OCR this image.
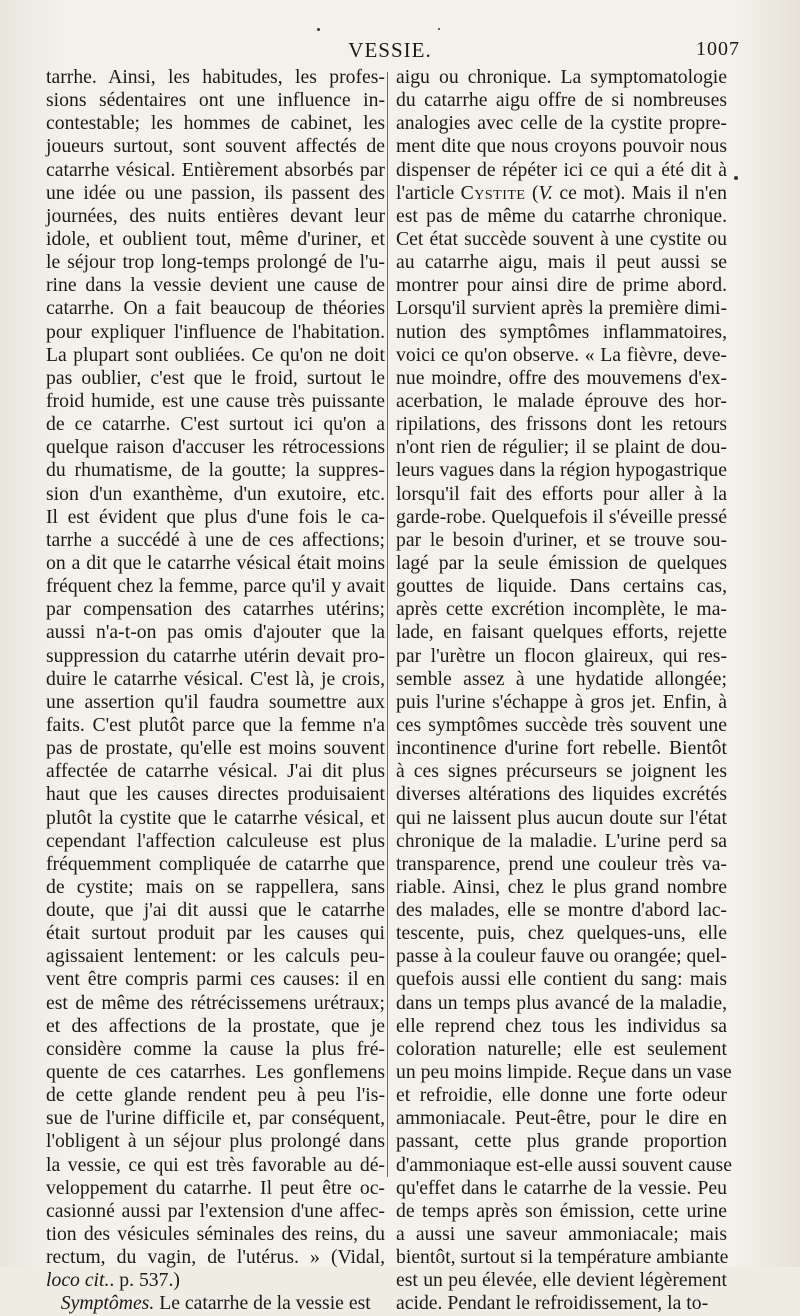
VESSIE.	1007
tarrhe. Ainsi, les habitudes, les profes-
sions sédentaires ont une influence in-
contestable; les hommes de cabinet, les
joueurs surtout, sont souvent affectés de
catarrhe vésical. Entièrement absorbés par
une idée ou une passion, ils passent des
journées, des nuits entières devant leur
idole, et oublient tout, même d'uriner, et
le séjour trop long-temps prolongé de l'u-
rine dans la vessie devient une cause de
catarrhe. On a fait beaucoup de théories
pour expliquer l'influence de l'habitation.
La plupart sont oubliées. Ce qu'on ne doit
pas oublier, c'est que le froid, surtout le
froid humide, est une cause très puissante
de ce catarrhe. C'est surtout ici qu'on a
quelque raison d'accuser les rétrocessions
du rhumatisme, de la goutte; la suppres-
sion d'un exanthème, d'un exutoire, etc.
Il est évident que plus d'une fois le ca-
tarrhe a succédé à une de ces affections;
on a dit que le catarrhe vésical était moins
fréquent chez la femme, parce qu'il y avait
par compensation des catarrhes utérins;
aussi n'a-t-on pas omis d'ajouter que la
suppression du catarrhe utérin devait pro-
duire le catarrhe vésical. C'est là, je crois,
une assertion qu'il faudra soumettre aux
faits. C'est plutôt parce que la femme n'a
pas de prostate, qu'elle est moins souvent
affectée de catarrhe vésical. J'ai dit plus
haut que les causes directes produisaient
plutôt la cystite que le catarrhe vésical, et
cependant l'affection calculeuse est plus
fréquemment compliquée de catarrhe que
de cystite; mais on se rappellera, sans
doute, que j'ai dit aussi que le catarrhe
était surtout produit par les causes qui
agissaient lentement: or les calculs peu-
vent être compris parmi ces causes: il en
est de même des rétrécissemens urétraux;
et des affections de la prostate, que je
considère comme la cause la plus fré-
quente de ces catarrhes. Les gonflemens
de cette glande rendent peu à peu l'is-
sue de l'urine difficile et, par conséquent,
l'obligent à un séjour plus prolongé dans
la vessie, ce qui est très favorable au dé-
veloppement du catarrhe. Il peut être oc-
casionné aussi par l'extension d'une affec-
tion des vésicules séminales des reins, du
rectum, du vagin, de l'utérus. » (Vidal,
loco cit.. p. 537.)
Symptômes. Le catarrhe de la vessie est
aigu ou chronique. La symptomatologie
du catarrhe aigu offre de si nombreuses
analogies avec celle de la cystite propre-
ment dite que nous croyons pouvoir nous
dispenser de répéter ici ce qui a été dit à
l'article Cystite (V. ce mot). Mais il n'en
est pas de même du catarrhe chronique.
Cet état succède souvent à une cystite ou
au catarrhe aigu, mais il peut aussi se
montrer pour ainsi dire de prime abord.
Lorsqu'il survient après la première dimi-
nution des symptômes inflammatoires,
voici ce qu'on observe. « La fièvre, deve-
nue moindre, offre des mouvemens d'ex-
acerbation, le malade éprouve des hor-
ripilations, des frissons dont les retours
n'ont rien de régulier; il se plaint de dou-
leurs vagues dans la région hypogastrique
lorsqu'il fait des efforts pour aller à la
garde-robe. Quelquefois il s'éveille pressé
par le besoin d'uriner, et se trouve sou-
lagé par la seule émission de quelques
gouttes de liquide. Dans certains cas,
après cette excrétion incomplète, le ma-
lade, en faisant quelques efforts, rejette
par l'urètre un flocon glaireux, qui res-
semble assez à une hydatide allongée;
puis l'urine s'échappe à gros jet. Enfin, à
ces symptômes succède très souvent une
incontinence d'urine fort rebelle. Bientôt
à ces signes précurseurs se joignent les
diverses altérations des liquides excrétés
qui ne laissent plus aucun doute sur l'état
chronique de la maladie. L'urine perd sa
transparence, prend une couleur très va-
riable. Ainsi, chez le plus grand nombre
des malades, elle se montre d'abord lac-
tescente, puis, chez quelques-uns, elle
passe à la couleur fauve ou orangée; quel-
quefois aussi elle contient du sang: mais
dans un temps plus avancé de la maladie,
elle reprend chez tous les individus sa
coloration naturelle; elle est seulement
un peu moins limpide. Reçue dans un vase
et refroidie, elle donne une forte odeur
ammoniacale. Peut-être, pour le dire en
passant, cette plus grande proportion
d'ammoniaque est-elle aussi souvent cause
qu'effet dans le catarrhe de la vessie. Peu
de temps après son émission, cette urine
a aussi une saveur ammoniacale; mais
bientôt, surtout si la température ambiante
est un peu élevée, elle devient légèrement
acide. Pendant le refroidissement, la to-
